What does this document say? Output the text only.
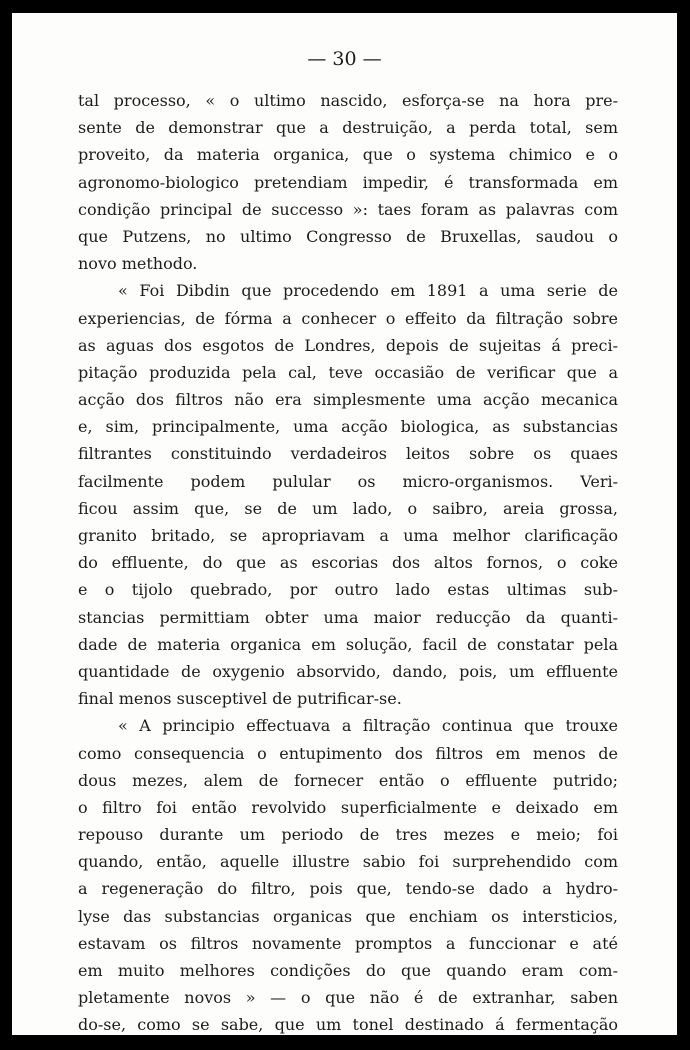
— 30 —
tal processo, « o ultimo nascido, esforça-se na hora pre-
sente de demonstrar que a destruição, a perda total, sem
proveito, da materia organica, que o systema chimico e o
agronomo-biologico pretendiam impedir, é transformada em
condição principal de successo »: taes foram as palavras com
que Putzens, no ultimo Congresso de Bruxellas, saudou o
novo methodo.
« Foi Dibdin que procedendo em 1891 a uma serie de
experiencias, de fórma a conhecer o effeito da filtração sobre
as aguas dos esgotos de Londres, depois de sujeitas á preci-
pitação produzida pela cal, teve occasião de verificar que a
acção dos filtros não era simplesmente uma acção mecanica
e, sim, principalmente, uma acção biologica, as substancias
filtrantes constituindo verdadeiros leitos sobre os quaes
facilmente podem pulular os micro-organismos. Veri-
ficou assim que, se de um lado, o saibro, areia grossa,
granito britado, se apropriavam a uma melhor clarificação
do effluente, do que as escorias dos altos fornos, o coke
e o tijolo quebrado, por outro lado estas ultimas sub-
stancias permittiam obter uma maior reducção da quanti-
dade de materia organica em solução, facil de constatar pela
quantidade de oxygenio absorvido, dando, pois, um effluente
final menos susceptivel de putrificar-se.
« A principio effectuava a filtração continua que trouxe
como consequencia o entupimento dos filtros em menos de
dous mezes, alem de fornecer então o effluente putrido;
o filtro foi então revolvido superficialmente e deixado em
repouso durante um periodo de tres mezes e meio; foi
quando, então, aquelle illustre sabio foi surprehendido com
a regeneração do filtro, pois que, tendo-se dado a hydro-
lyse das substancias organicas que enchiam os intersticios,
estavam os filtros novamente promptos a funccionar e até
em muito melhores condições do que quando eram com-
pletamente novos » — o que não é de extranhar, saben
do-se, como se sabe, que um tonel destinado á fermentação
